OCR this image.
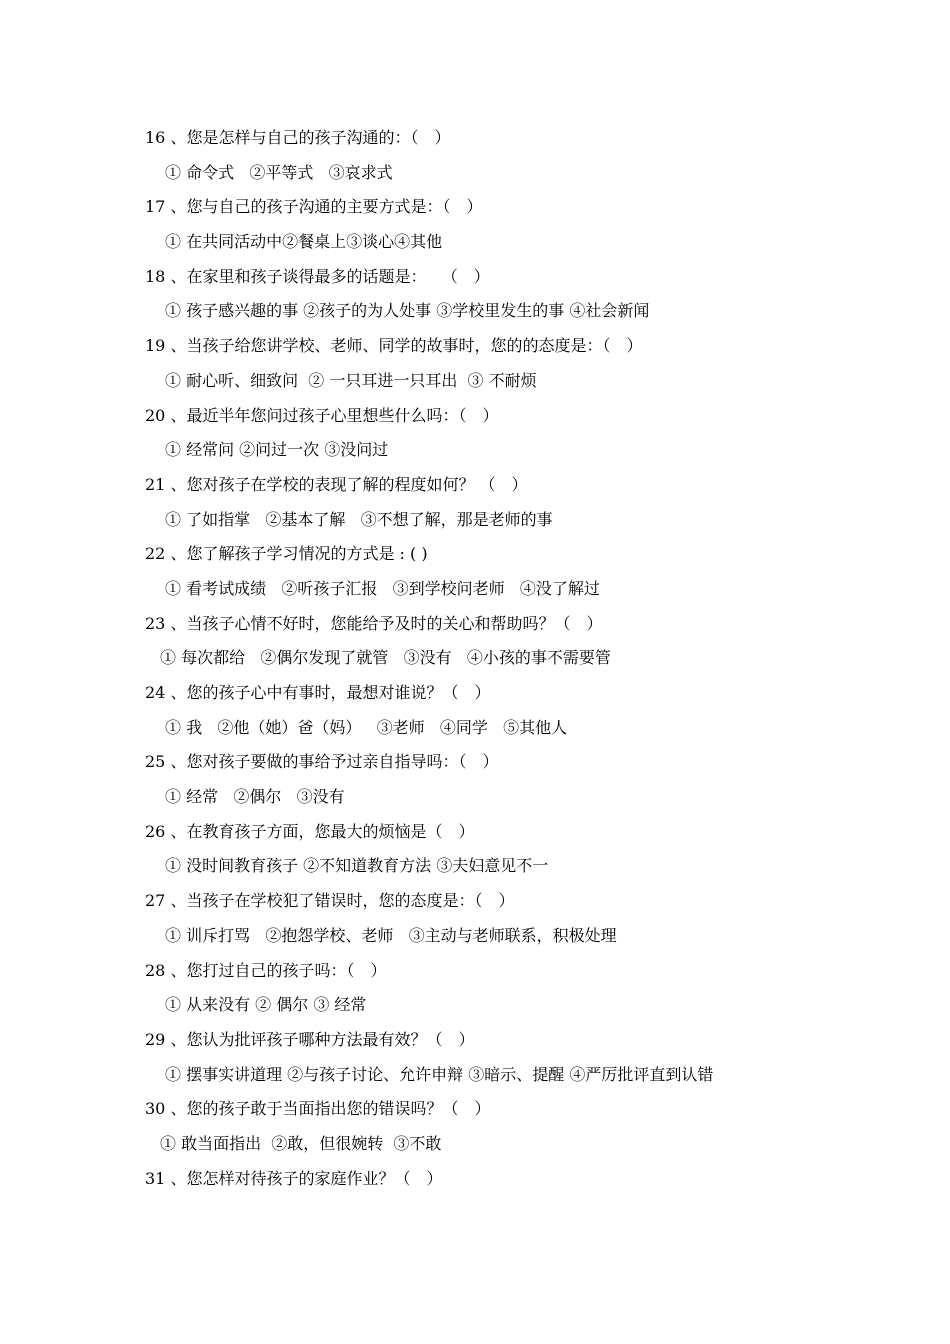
16 、您是怎样与自己的孩子沟通的：（　）
① 命令式   ②平等式   ③哀求式
17 、您与自己的孩子沟通的主要方式是：（　）
① 在共同活动中②餐桌上③谈心④其他
18 、在家里和孩子谈得最多的话题是：   （　）
① 孩子感兴趣的事 ②孩子的为人处事 ③学校里发生的事 ④社会新闻
19 、当孩子给您讲学校、老师、同学的故事时，您的的态度是：（　）
① 耐心听、细致问  ② 一只耳进一只耳出  ③ 不耐烦
20 、最近半年您问过孩子心里想些什么吗：（　）
① 经常问 ②问过一次 ③没问过
21 、您对孩子在学校的表现了解的程度如何？ （　）
① 了如指掌   ②基本了解   ③不想了解，那是老师的事
22 、您了解孩子学习情况的方式是 : ( )
① 看考试成绩   ②听孩子汇报   ③到学校问老师   ④没了解过
23 、当孩子心情不好时，您能给予及时的关心和帮助吗？（　）
① 每次都给   ②偶尔发现了就管   ③没有   ④小孩的事不需要管
24 、您的孩子心中有事时，最想对谁说？（　）
① 我   ②他（她）爸（妈）   ③老师   ④同学   ⑤其他人
25 、您对孩子要做的事给予过亲自指导吗：（　）
① 经常   ②偶尔   ③没有
26 、在教育孩子方面，您最大的烦恼是（　）
① 没时间教育孩子 ②不知道教育方法 ③夫妇意见不一
27 、当孩子在学校犯了错误时，您的态度是：（　）
① 训斥打骂   ②抱怨学校、老师   ③主动与老师联系，积极处理
28 、您打过自己的孩子吗：（　）
① 从来没有 ② 偶尔 ③ 经常
29 、您认为批评孩子哪种方法最有效？（　）
① 摆事实讲道理 ②与孩子讨论、允许申辩 ③暗示、提醒 ④严厉批评直到认错
30 、您的孩子敢于当面指出您的错误吗？（　）
① 敢当面指出  ②敢，但很婉转  ③不敢
31 、您怎样对待孩子的家庭作业？（　）
